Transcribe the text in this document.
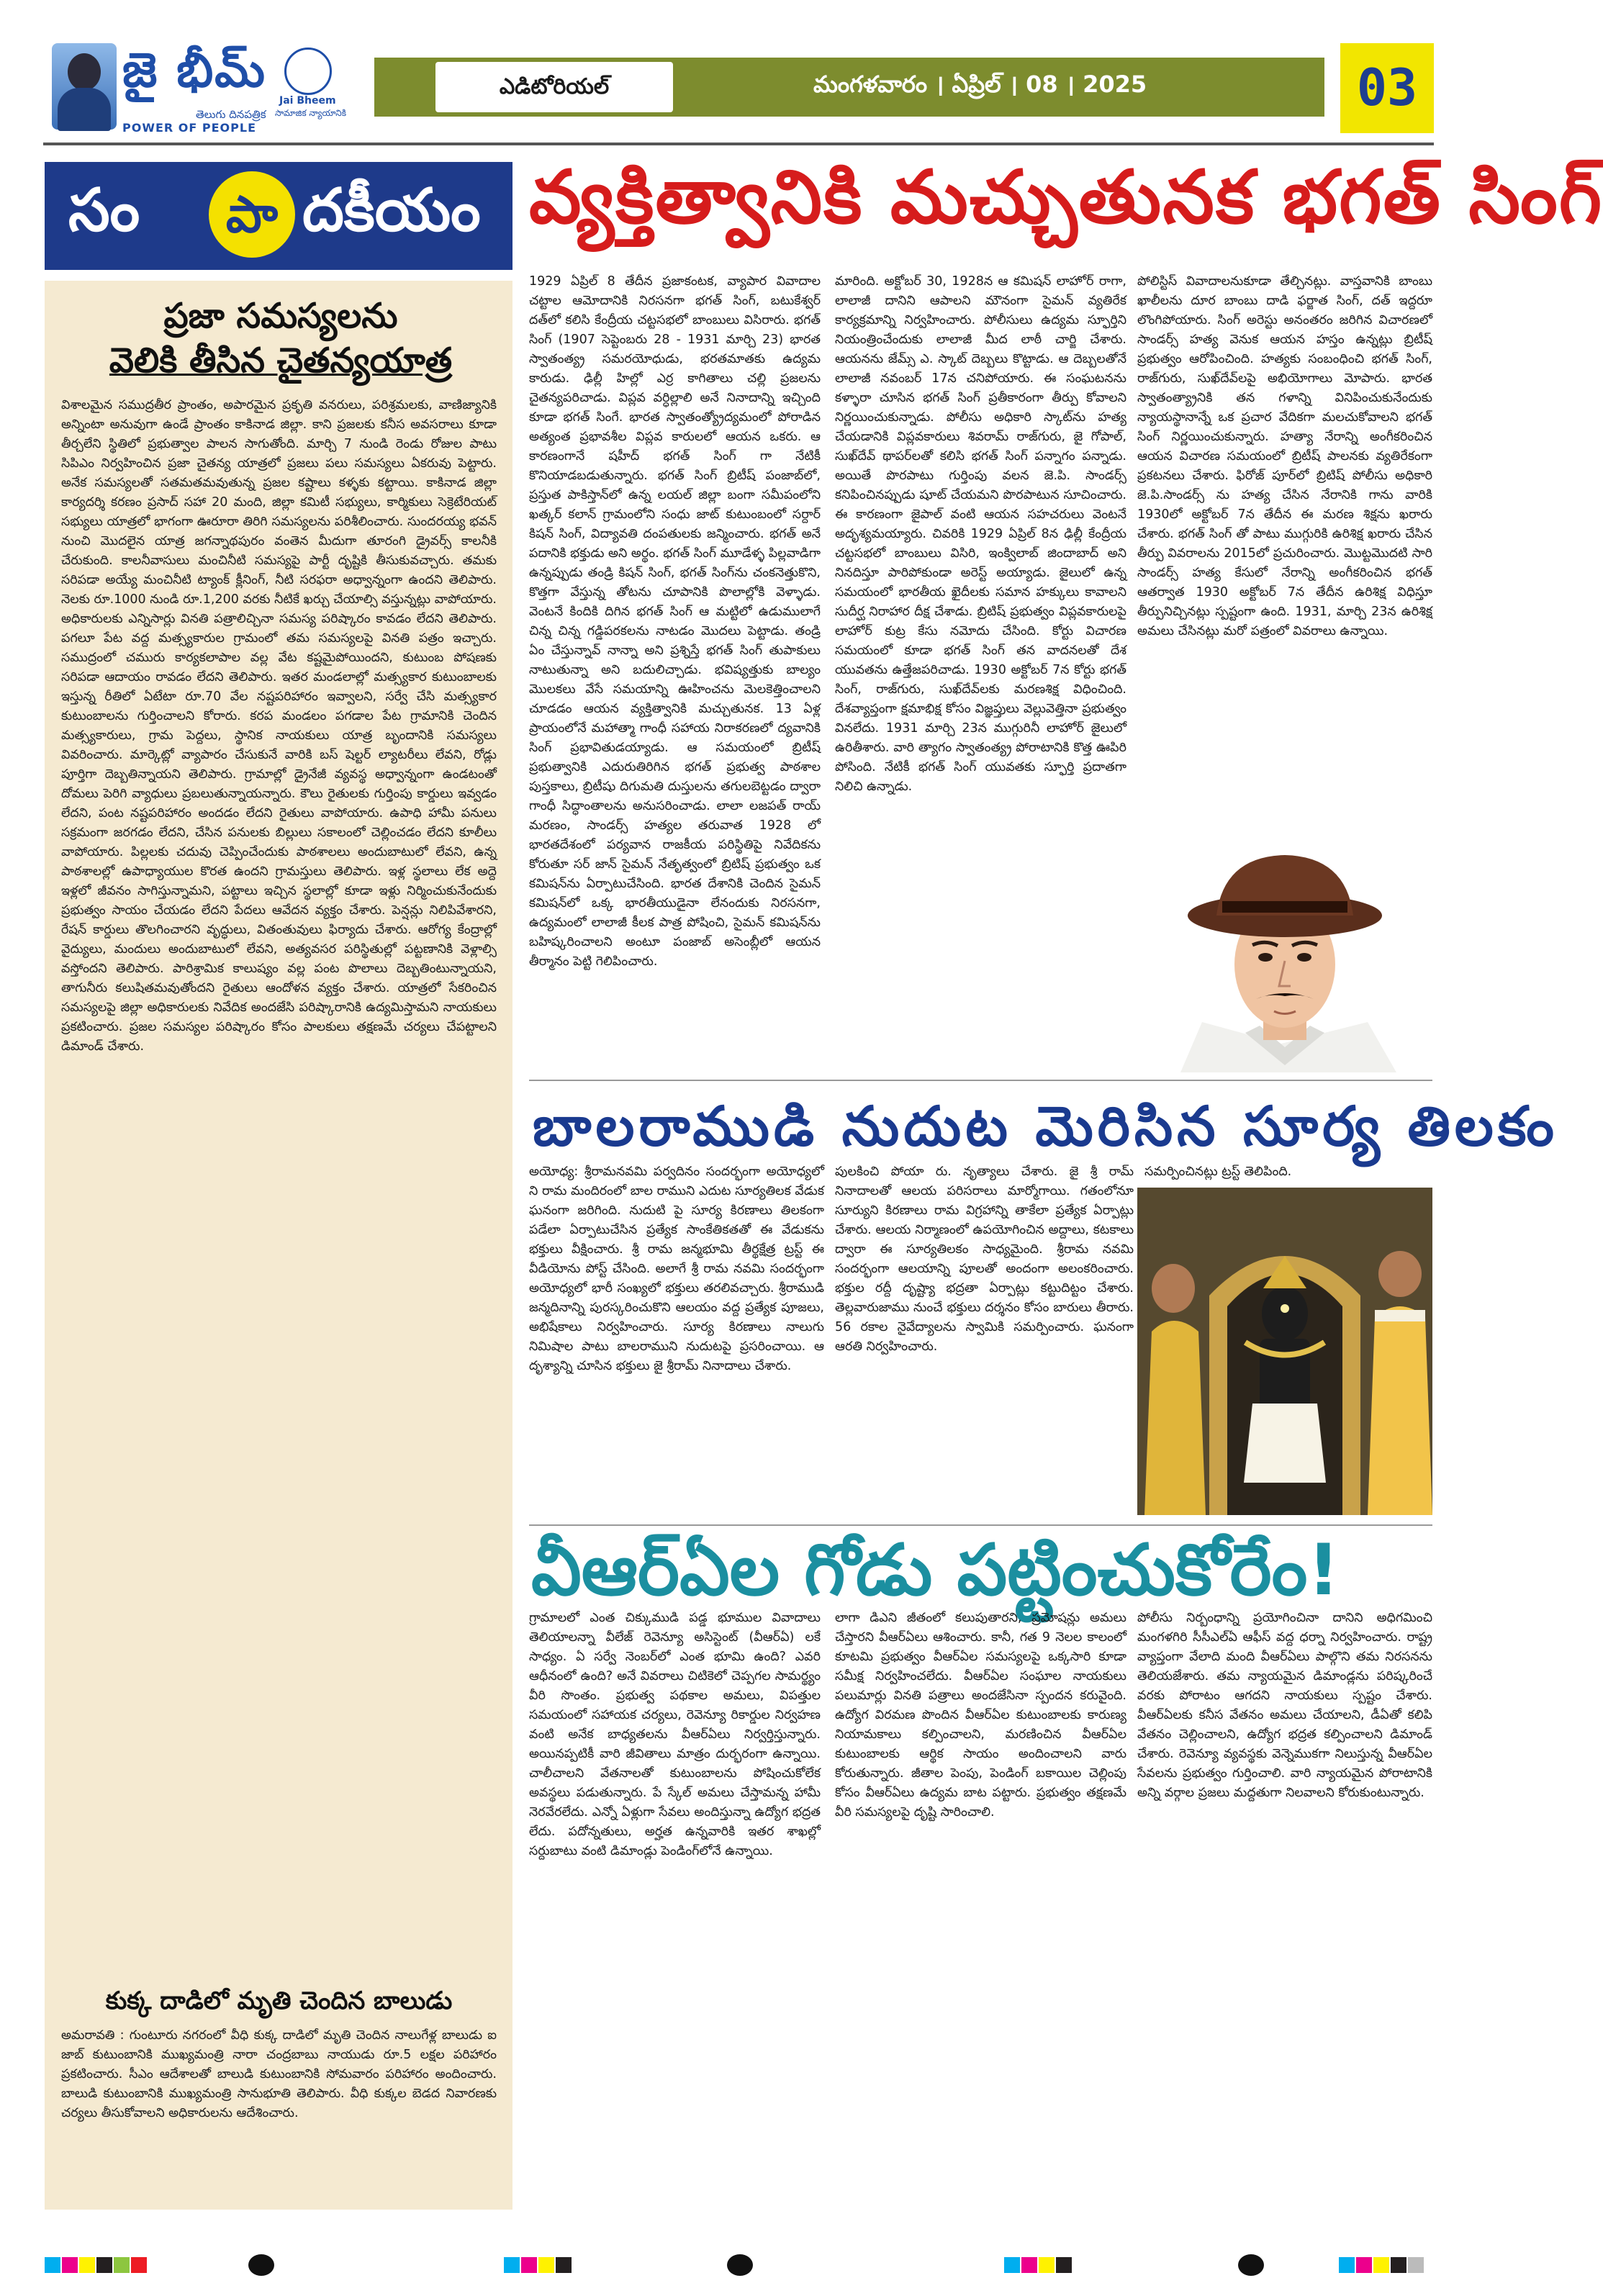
జై భీమ్
తెలుగు దినపత్రిక
POWER OF PEOPLE
Jai Bheem
సామాజిక న్యాయానికి
ఎడిటోరియల్	మంగళవారం । ఏప్రిల్ । 08 । 2025	03
సం	పా దకీయం వ్యక్తిత్వానికి మచ్చుతునక భగత్ సింగ్
ప్రజా సమస్యలను
వెలికి తీసిన చైతన్యయాత్ర
విశాలమైన సముద్రతీర ప్రాంతం, అపారమైన ప్రకృతి వనరులు, పరిశ్రమలకు, వాణిజ్యానికి అన్నింటా అనువుగా ఉండే ప్రాంతం కాకినాడ జిల్లా. కాని ప్రజలకు కనీస అవసరాలు కూడా తీర్చలేని స్థితిలో ప్రభుత్వాల పాలన సాగుతోంది. మార్చి 7 నుండి రెండు రోజుల పాటు సిపిఎం నిర్వహించిన ప్రజా చైతన్య యాత్రలో ప్రజలు పలు సమస్యలు ఏకరువు పెట్టారు. అనేక సమస్యలతో సతమతమవుతున్న ప్రజల కష్టాలు కళ్ళకు కట్టాయి. కాకినాడ జిల్లా కార్యదర్శి కరణం ప్రసాద్ సహా 20 మంది, జిల్లా కమిటీ సభ్యులు, కార్మికులు సెక్రెటేరియట్ సభ్యులు యాత్రలో భాగంగా ఊరూరా తిరిగి సమస్యలను పరిశీలించారు. సుందరయ్య భవన్ నుంచి మొదలైన యాత్ర జగన్నాథపురం వంతెన మీదుగా తూరంగి డ్రైవర్స్ కాలనీకి చేరుకుంది. కాలనీవాసులు మంచినీటి సమస్యపై పార్టీ దృష్టికి తీసుకువచ్చారు. తమకు సరిపడా అయ్యే మంచినీటి ట్యాంక్ క్లీనింగ్, నీటి సరఫరా అధ్వాన్నంగా ఉందని తెలిపారు. నెలకు రూ.1000 నుండి రూ.1,200 వరకు నీటికే ఖర్చు చేయాల్సి వస్తున్నట్లు వాపోయారు. అధికారులకు ఎన్నిసార్లు వినతి పత్రాలిచ్చినా సమస్య పరిష్కారం కావడం లేదని తెలిపారు. పగలూ పేట వద్ద మత్స్యకారుల గ్రామంలో తమ సమస్యలపై వినతి పత్రం ఇచ్చారు. సముద్రంలో చమురు కార్యకలాపాల వల్ల వేట కష్టమైపోయిందని, కుటుంబ పోషణకు సరిపడా ఆదాయం రావడం లేదని తెలిపారు. ఇతర మండలాల్లో మత్స్యకార కుటుంబాలకు ఇస్తున్న రీతిలో ఏటేటా రూ.70 వేల నష్టపరిహారం ఇవ్వాలని, సర్వే చేసి మత్స్యకార కుటుంబాలను గుర్తించాలని కోరారు. కరప మండలం పగడాల పేట గ్రామానికి చెందిన మత్స్యకారులు, గ్రామ పెద్దలు, స్థానిక నాయకులు యాత్ర బృందానికి సమస్యలు వివరించారు. మార్కెట్లో వ్యాపారం చేసుకునే వారికి బస్ షెల్టర్ ల్యాటరీలు లేవని, రోడ్లు పూర్తిగా దెబ్బతిన్నాయని తెలిపారు. గ్రామాల్లో డ్రైనేజీ వ్యవస్థ అధ్వాన్నంగా ఉండటంతో దోమలు పెరిగి వ్యాధులు ప్రబలుతున్నాయన్నారు. కౌలు రైతులకు గుర్తింపు కార్డులు ఇవ్వడం లేదని, పంట నష్టపరిహారం అందడం లేదని రైతులు వాపోయారు. ఉపాధి హామీ పనులు సక్రమంగా జరగడం లేదని, చేసిన పనులకు బిల్లులు సకాలంలో చెల్లించడం లేదని కూలీలు వాపోయారు. పిల్లలకు చదువు చెప్పించేందుకు పాఠశాలలు అందుబాటులో లేవని, ఉన్న పాఠశాలల్లో ఉపాధ్యాయుల కొరత ఉందని గ్రామస్తులు తెలిపారు. ఇళ్ల స్థలాలు లేక అద్దె ఇళ్లలో జీవనం సాగిస్తున్నామని, పట్టాలు ఇచ్చిన స్థలాల్లో కూడా ఇళ్లు నిర్మించుకునేందుకు ప్రభుత్వం సాయం చేయడం లేదని పేదలు ఆవేదన వ్యక్తం చేశారు. పెన్షన్లు నిలిపివేశారని, రేషన్ కార్డులు తొలగించారని వృద్ధులు, వితంతువులు ఫిర్యాదు చేశారు. ఆరోగ్య కేంద్రాల్లో వైద్యులు, మందులు అందుబాటులో లేవని, అత్యవసర పరిస్థితుల్లో పట్టణానికి వెళ్లాల్సి వస్తోందని తెలిపారు. పారిశ్రామిక కాలుష్యం వల్ల పంట పొలాలు దెబ్బతింటున్నాయని, తాగునీరు కలుషితమవుతోందని రైతులు ఆందోళన వ్యక్తం చేశారు. యాత్రలో సేకరించిన సమస్యలపై జిల్లా అధికారులకు నివేదిక అందజేసి పరిష్కారానికి ఉద్యమిస్తామని నాయకులు ప్రకటించారు. ప్రజల సమస్యల పరిష్కారం కోసం పాలకులు తక్షణమే చర్యలు చేపట్టాలని డిమాండ్ చేశారు.
కుక్క దాడిలో మృతి చెందిన బాలుడు
అమరావతి : గుంటూరు నగరంలో వీధి కుక్క దాడిలో మృతి చెందిన నాలుగేళ్ల బాలుడు ఐ జాబ్ కుటుంబానికి ముఖ్యమంత్రి నారా చంద్రబాబు నాయుడు రూ.5 లక్షల పరిహారం ప్రకటించారు. సీఎం ఆదేశాలతో బాలుడి కుటుంబానికి సోమవారం పరిహారం అందించారు. బాలుడి కుటుంబానికి ముఖ్యమంత్రి సానుభూతి తెలిపారు. వీధి కుక్కల బెడద నివారణకు చర్యలు తీసుకోవాలని అధికారులను ఆదేశించారు.
1929 ఏప్రిల్ 8 తేదీన ప్రజాకంటక, వ్యాపార వివాదాల చట్టాల ఆమోదానికి నిరసనగా భగత్ సింగ్, బటుకేశ్వర్ దత్‌లో కలిసి కేంద్రీయ చట్టసభలో బాంబులు విసిరారు. భగత్ సింగ్ (1907 సెప్టెంబరు 28 - 1931 మార్చి 23) భారత స్వాతంత్య్ర సమరయోధుడు, భరతమాతకు ఉద్యమ కారుడు. ఢిల్లీ హిల్లో ఎర్ర కాగితాలు చల్లి ప్రజలను చైతన్యపరిచాడు. విప్లవ వర్ధిల్లాలి అనే నినాదాన్ని ఇచ్చింది కూడా భగత్ సింగే. భారత స్వాతంత్య్రోద్యమంలో పోరాడిన అత్యంత ప్రభావశీల విప్లవ కారులలో ఆయన ఒకరు. ఆ కారణంగానే షహీద్ భగత్ సింగ్ గా నేటికీ కొనియాడబడుతున్నారు. భగత్ సింగ్ బ్రిటీష్ పంజాబ్‌లో, ప్రస్తుత పాకిస్తాన్‌లో ఉన్న లయల్ జిల్లా బంగా సమీపంలోని ఖత్కర్ కలాన్ గ్రామంలోని సంధు జాట్ కుటుంబంలో సర్దార్ కిషన్ సింగ్, విద్యావతి దంపతులకు జన్మించారు. భగత్ అనే పదానికి భక్తుడు అని అర్థం. భగత్ సింగ్ మూడేళ్ళ పిల్లవాడిగా ఉన్నప్పుడు తండ్రి కిషన్ సింగ్, భగత్ సింగ్‌ను చంకనెత్తుకొని, కొత్తగా వేస్తున్న తోటను చూపానికి పొలాల్లోకి వెళ్ళాడు. వెంటనే కిందికి దిగిన భగత్ సింగ్ ఆ మట్టిలో ఉడుములాగే చిన్న చిన్న గడ్డిపరకలను నాటడం మొదలు పెట్టాడు. తండ్రి ఏం చేస్తున్నావ్ నాన్నా అని ప్రశ్నిస్తే భగత్ సింగ్ తుపాకులు నాటుతున్నా అని బదులిచ్చాడు. భవిష్యత్తుకు బాల్యం మొలకలు వేసే సమయాన్ని ఊహించను మెలకెత్తించాలని చూడడం ఆయన వ్యక్తిత్వానికి మచ్చుతునక. 13 ఏళ్ల ప్రాయంలోనే మహాత్మా గాంధీ సహాయ నిరాకరణలో ద్యవానికి సింగ్ ప్రభావితుడయ్యాడు. ఆ సమయంలో బ్రిటీష్ ప్రభుత్వానికి ఎదురుతిరిగిన భగత్ ప్రభుత్వ పాఠశాల పుస్తకాలు, బ్రిటీషు దిగుమతి దుస్తులను తగులబెట్టడం ద్వారా గాంధీ సిద్ధాంతాలను అనుసరించాడు. లాలా లజపత్ రాయ్ మరణం, సాండర్స్ హత్యల తరువాత 1928 లో భారతదేశంలో పర్యవాన రాజకీయ పరిస్థితిపై నివేదికను కోరుతూ సర్ జాన్ సైమన్ నేతృత్వంలో బ్రిటిష్ ప్రభుత్వం ఒక కమిషన్‌ను ఏర్పాటుచేసింది. భారత దేశానికి చెందిన సైమన్ కమిషన్‌లో ఒక్క భారతీయుడైనా లేనందుకు నిరసనగా, ఉద్యమంలో లాలాజీ కీలక పాత్ర పోషించి, సైమన్ కమిషన్‌ను బహిష్కరించాలని అంటూ పంజాబ్ అసెంబ్లీలో ఆయన తీర్మానం పెట్టి గెలిపించారు.
మారింది. అక్టోబర్ 30, 1928న ఆ కమిషన్ లాహోర్ రాగా, లాలాజీ దానిని ఆపాలని మౌనంగా సైమన్ వ్యతిరేక కార్యక్రమాన్ని నిర్వహించారు. పోలీసులు ఉద్యమ స్ఫూర్తిని నియంత్రించేందుకు లాలాజీ మీద లాఠీ చార్జి చేశారు. ఆయనను జేమ్స్ ఎ. స్కాట్ దెబ్బలు కొట్టాడు. ఆ దెబ్బలతోనే లాలాజీ నవంబర్ 17న చనిపోయారు. ఈ సంఘటనను కళ్ళారా చూసిన భగత్ సింగ్ ప్రతీకారంగా తీర్పు కోవాలని నిర్ణయించుకున్నాడు. పోలీసు అధికారి స్కాట్‌ను హత్య చేయడానికి విప్లవకారులు శివరామ్ రాజ్‌గురు, జై గోపాల్, సుఖ్‌దేవ్ థాపర్‌లతో కలిసి భగత్ సింగ్ పన్నాగం పన్నాడు. అయితే పొరపాటు గుర్తింపు వలన జె.పి. సాండర్స్ కనిపించినప్పుడు షూట్ చేయమని పొరపాటున సూచించారు. ఈ కారణంగా జైపాల్ వంటి ఆయన సహచరులు వెంటనే అదృశ్యమయ్యారు. చివరికి 1929 ఏప్రిల్ 8న ఢిల్లీ కేంద్రీయ చట్టసభలో బాంబులు విసిరి, ఇంక్విలాబ్ జిందాబాద్ అని నినదిస్తూ పారిపోకుండా అరెస్ట్ అయ్యాడు. జైలులో ఉన్న సమయంలో భారతీయ ఖైదీలకు సమాన హక్కులు కావాలని సుదీర్ఘ నిరాహార దీక్ష చేశాడు. బ్రిటిష్ ప్రభుత్వం విప్లవకారులపై లాహోర్ కుట్ర కేసు నమోదు చేసింది. కోర్టు విచారణ సమయంలో కూడా భగత్ సింగ్ తన వాదనలతో దేశ యువతను ఉత్తేజపరిచాడు. 1930 అక్టోబర్ 7న కోర్టు భగత్ సింగ్, రాజ్‌గురు, సుఖ్‌దేవ్‌లకు మరణశిక్ష విధించింది. దేశవ్యాప్తంగా క్షమాభిక్ష కోసం విజ్ఞప్తులు వెల్లువెత్తినా ప్రభుత్వం వినలేదు. 1931 మార్చి 23న ముగ్గురినీ లాహోర్ జైలులో ఉరితీశారు. వారి త్యాగం స్వాతంత్య్ర పోరాటానికి కొత్త ఊపిరి పోసింది. నేటికీ భగత్ సింగ్ యువతకు స్ఫూర్తి ప్రదాతగా నిలిచి ఉన్నాడు.
పోలిస్టిస్ వివాదాలనుకూడా తేల్చినట్లు. వాస్తవానికి బాంబు ఖాలీలను దూర బాంబు దాడి ఫర్జాత సింగ్, దత్ ఇద్దరూ లొంగిపోయారు. సింగ్ అరెస్టు అనంతరం జరిగిన విచారణలో సాండర్స్ హత్య వెనుక ఆయన హస్తం ఉన్నట్లు బ్రిటీష్ ప్రభుత్వం ఆరోపించింది. హత్యకు సంబంధించి భగత్ సింగ్, రాజ్‌గురు, సుఖ్‌దేవ్‌లపై అభియోగాలు మోపారు. భారత స్వాతంత్య్రానికి తన గళాన్ని వినిపించుకునేందుకు న్యాయస్థానాన్నే ఒక ప్రచార వేదికగా మలచుకోవాలని భగత్ సింగ్ నిర్ణయించుకున్నారు. హత్యా నేరాన్ని అంగీకరించిన ఆయన విచారణ సమయంలో బ్రిటీష్ పాలనకు వ్యతిరేకంగా ప్రకటనలు చేశారు. ఫిరోజ్ పూర్‌లో బ్రిటిష్ పోలీసు అధికారి జె.పి.సాండర్స్ ను హత్య చేసిన నేరానికి గాను వారికి 1930లో అక్టోబర్ 7న తేదీన ఈ మరణ శిక్షను ఖరారు చేశారు. భగత్ సింగ్ తో పాటు ముగ్గురికి ఉరిశిక్ష ఖరారు చేసిన తీర్పు వివరాలను 2015లో ప్రచురించారు. మొట్టమొదటి సారి సాండర్స్ హత్య కేసులో నేరాన్ని అంగీకరించిన భగత్ ఆతర్వాత 1930 అక్టోబర్ 7న తేదీన ఉరిశిక్ష విధిస్తూ తీర్పునిచ్చినట్లు స్పష్టంగా ఉంది. 1931, మార్చి 23న ఉరిశిక్ష అమలు చేసినట్లు మరో పత్రంలో వివరాలు ఉన్నాయి.
బాలరాముడి నుదుట మెరిసిన సూర్య తిలకం
అయోధ్య: శ్రీరామనవమి పర్వదినం సందర్భంగా అయోధ్యలో ని రామ మందిరంలో బాల రాముని ఎదుట సూర్యతిలక వేడుక ఘనంగా జరిగింది. నుదుటి పై సూర్య కిరణాలు తిలకంగా పడేలా ఏర్పాటుచేసిన ప్రత్యేక సాంకేతికతతో ఈ వేడుకను భక్తులు వీక్షించారు. శ్రీ రామ జన్మభూమి తీర్థక్షేత్ర ట్రస్ట్ ఈ వీడియోను పోస్ట్ చేసింది. అలాగే శ్రీ రామ నవమి సందర్భంగా అయోధ్యలో భారీ సంఖ్యలో భక్తులు తరలివచ్చారు. శ్రీరాముడి జన్మదినాన్ని పురస్కరించుకొని ఆలయం వద్ద ప్రత్యేక పూజలు, అభిషేకాలు నిర్వహించారు. సూర్య కిరణాలు నాలుగు నిమిషాల పాటు బాలరాముని నుదుటపై ప్రసరించాయి. ఆ దృశ్యాన్ని చూసిన భక్తులు జై శ్రీరామ్ నినాదాలు చేశారు.
పులకించి పోయా రు. నృత్యాలు చేశారు. జై శ్రీ రామ్ నినాదాలతో ఆలయ పరిసరాలు మార్మోగాయి. గతంలోనూ సూర్యుని కిరణాలు రామ విగ్రహాన్ని తాకేలా ప్రత్యేక ఏర్పాట్లు చేశారు. ఆలయ నిర్మాణంలో ఉపయోగించిన అద్దాలు, కటకాలు ద్వారా ఈ సూర్యతిలకం సాధ్యమైంది. శ్రీరామ నవమి సందర్భంగా ఆలయాన్ని పూలతో అందంగా అలంకరించారు. భక్తుల రద్దీ దృష్ట్యా భద్రతా ఏర్పాట్లు కట్టుదిట్టం చేశారు. తెల్లవారుజాము నుంచే భక్తులు దర్శనం కోసం బారులు తీరారు. 56 రకాల నైవేద్యాలను స్వామికి సమర్పించారు. ఘనంగా ఆరతి నిర్వహించారు.
సమర్పించినట్లు ట్రస్ట్ తెలిపింది.
వీఆర్ఏల గోడు పట్టించుకోరేం!
గ్రామాలలో ఎంత చిక్కుముడి పడ్డ భూముల వివాదాలు తెలియాలన్నా వీలేజ్ రెవెన్యూ అసిస్టెంట్ (వీఆర్ఏ) లకే సాధ్యం. ఏ సర్వే నెంబర్‌లో ఎంత భూమి ఉంది? ఎవరి ఆధీనంలో ఉంది? అనే వివరాలు చిటికెలో చెప్పగల సామర్థ్యం వీరి సొంతం. ప్రభుత్వ పథకాల అమలు, విపత్తుల సమయంలో సహాయక చర్యలు, రెవెన్యూ రికార్డుల నిర్వహణ వంటి అనేక బాధ్యతలను వీఆర్ఏలు నిర్వర్తిస్తున్నారు. అయినప్పటికీ వారి జీవితాలు మాత్రం దుర్భరంగా ఉన్నాయి. చాలీచాలని వేతనాలతో కుటుంబాలను పోషించుకోలేక అవస్థలు పడుతున్నారు. పే స్కేల్ అమలు చేస్తామన్న హామీ నెరవేరలేదు. ఎన్నో ఏళ్లుగా సేవలు అందిస్తున్నా ఉద్యోగ భద్రత లేదు. పదోన్నతులు, అర్హత ఉన్నవారికి ఇతర శాఖల్లో సర్దుబాటు వంటి డిమాండ్లు పెండింగ్‌లోనే ఉన్నాయి.
లాగా డిఎని జీతంలో కలుపుతారని, ప్రమోషన్లు అమలు చేస్తారని వీఆర్ఏలు ఆశించారు. కానీ, గత 9 నెలల కాలంలో కూటమి ప్రభుత్వం వీఆర్ఏల సమస్యలపై ఒక్కసారి కూడా సమీక్ష నిర్వహించలేదు. వీఆర్ఏల సంఘాల నాయకులు పలుమార్లు వినతి పత్రాలు అందజేసినా స్పందన కరువైంది. ఉద్యోగ విరమణ పొందిన వీఆర్ఏల కుటుంబాలకు కారుణ్య నియామకాలు కల్పించాలని, మరణించిన వీఆర్ఏల కుటుంబాలకు ఆర్థిక సాయం అందించాలని వారు కోరుతున్నారు. జీతాల పెంపు, పెండింగ్ బకాయిల చెల్లింపు కోసం వీఆర్ఏలు ఉద్యమ బాట పట్టారు. ప్రభుత్వం తక్షణమే వీరి సమస్యలపై దృష్టి సారించాలి.
పోలీసు నిర్బంధాన్ని ప్రయోగించినా దానిని అధిగమించి మంగళగిరి సీసీఎల్‌ఏ ఆఫీస్ వద్ద ధర్నా నిర్వహించారు. రాష్ట్ర వ్యాప్తంగా వేలాది మంది వీఆర్ఏలు పాల్గొని తమ నిరసనను తెలియజేశారు. తమ న్యాయమైన డిమాండ్లను పరిష్కరించే వరకు పోరాటం ఆగదని నాయకులు స్పష్టం చేశారు. వీఆర్ఏలకు కనీస వేతనం అమలు చేయాలని, డీఏతో కలిపి వేతనం చెల్లించాలని, ఉద్యోగ భద్రత కల్పించాలని డిమాండ్ చేశారు. రెవెన్యూ వ్యవస్థకు వెన్నెముకగా నిలుస్తున్న వీఆర్ఏల సేవలను ప్రభుత్వం గుర్తించాలి. వారి న్యాయమైన పోరాటానికి అన్ని వర్గాల ప్రజలు మద్దతుగా నిలవాలని కోరుకుంటున్నారు.
